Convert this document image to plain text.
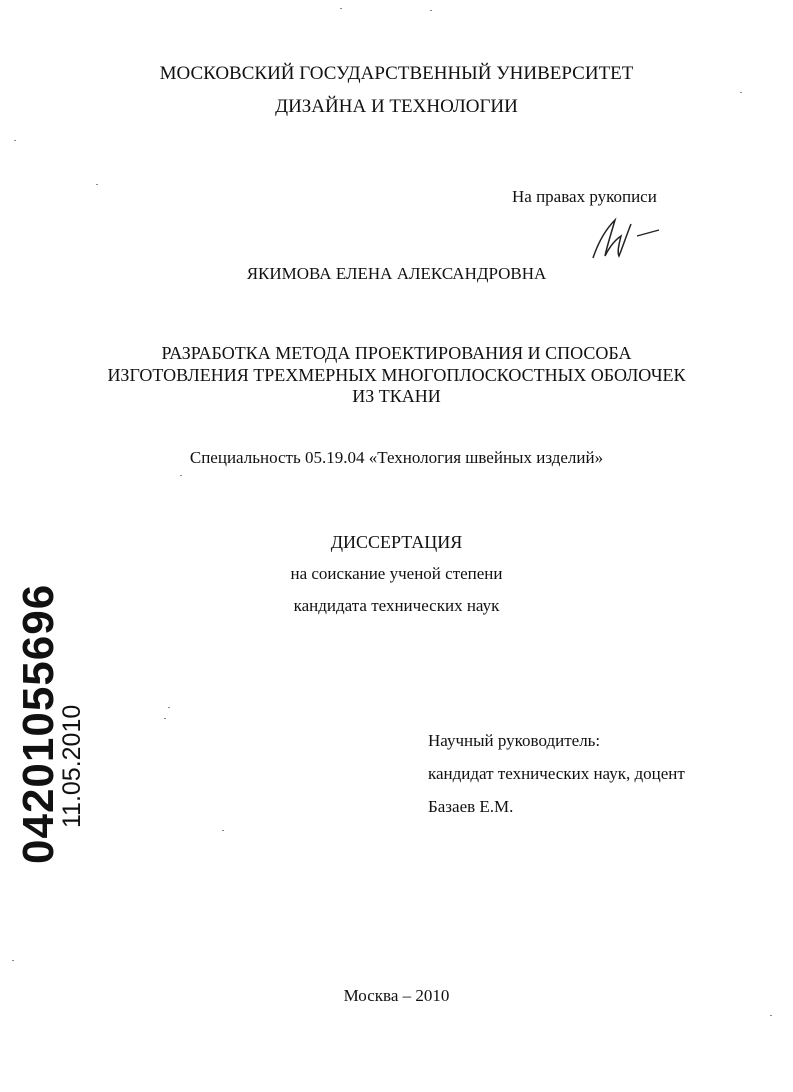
МОСКОВСКИЙ ГОСУДАРСТВЕННЫЙ УНИВЕРСИТЕТ
ДИЗАЙНА И ТЕХНОЛОГИИ
На правах рукописи
ЯКИМОВА ЕЛЕНА АЛЕКСАНДРОВНА
РАЗРАБОТКА МЕТОДА ПРОЕКТИРОВАНИЯ И СПОСОБА
ИЗГОТОВЛЕНИЯ ТРЕХМЕРНЫХ МНОГОПЛОСКОСТНЫХ ОБОЛОЧЕК
ИЗ ТКАНИ
Специальность 05.19.04 «Технология швейных изделий»
ДИССЕРТАЦИЯ
на соискание ученой степени
кандидата технических наук
Научный руководитель:
кандидат технических наук, доцент
Базаев Е.М.
04201055696
11.05.2010
Москва – 2010
